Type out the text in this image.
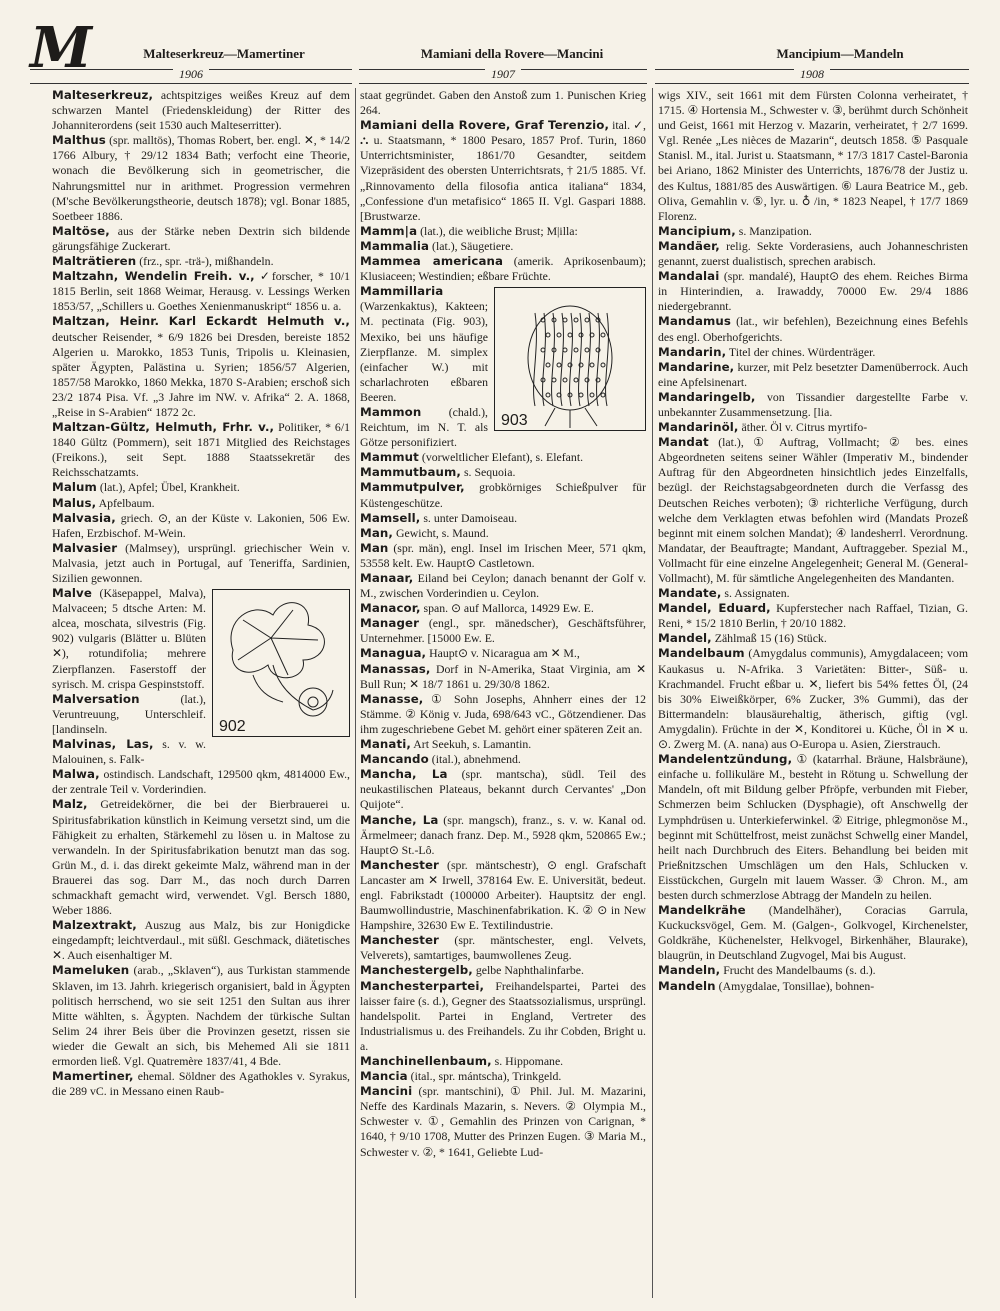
M	Malteserkreuz—Mamertiner	Mamiani della Rovere—Mancini	Mancipium—Mandeln
1906	1907	1908

Malteserkreuz, achtspitziges weißes Kreuz auf dem schwarzen Mantel (Friedenskleidung) der Ritter des Johanniterordens (seit 1530 auch Malteserritter).

Malthus (spr. malltös), Thomas Robert, ber. engl. ✕, * 14/2 1766 Albury, † 29/12 1834 Bath; verfocht eine Theorie, wonach die Bevölkerung sich in geometrischer, die Nahrungsmittel nur in arithmet. Progression vermehren (M'sche Bevölkerungstheorie, deutsch 1878); vgl. Bonar 1885, Soetbeer 1886.

Maltöse, aus der Stärke neben Dextrin sich bildende gärungsfähige Zuckerart.

Malträtieren (frz., spr. -trä-), mißhandeln.

Maltzahn, Wendelin Freih. v., ✓forscher, * 10/1 1815 Berlin, seit 1868 Weimar, Herausg. v. Lessings Werken 1853/57, „Schillers u. Goethes Xenienmanuskript“ 1856 u. a.

Maltzan, Heinr. Karl Eckardt Helmuth v., deutscher Reisender, * 6/9 1826 bei Dresden, bereiste 1852 Algerien u. Marokko, 1853 Tunis, Tripolis u. Kleinasien, später Ägypten, Palästina u. Syrien; 1856/57 Algerien, 1857/58 Marokko, 1860 Mekka, 1870 S-Arabien; erschoß sich 23/2 1874 Pisa. Vf. „3 Jahre im NW. v. Afrika“ 2. A. 1868, „Reise in S-Arabien“ 1872 2c.

Maltzan-Gültz, Helmuth, Frhr. v., Politiker, * 6/1 1840 Gültz (Pommern), seit 1871 Mitglied des Reichstages (Freikons.), seit Sept. 1888 Staatssekretär des Reichsschatzamts.

Malum (lat.), Apfel; Übel, Krankheit.

Malus, Apfelbaum.

Malvasia, griech. ⊙, an der Küste v. Lakonien, 506 Ew. Hafen, Erzbischof. M-Wein.

Malvasier (Malmsey), ursprüngl. griechischer Wein v. Malvasia, jetzt auch in Portugal, auf Teneriffa, Sardinien, Sizilien gewonnen.

902
Malve (Käsepappel, Malva), Malvaceen; 5 dtsche Arten: M. alcea, moschata, silvestris (Fig. 902) vulgaris (Blätter u. Blüten ✕), rotundifolia; mehrere Zierpflanzen. Faserstoff der syrisch. M. crispa Gespinststoff.

Malversation	(lat.), Veruntreuung, Unterschleif. [landinseln.

Malvinas, Las, s. v. w. Malouinen, s. Falk-

Malwa, ostindisch. Landschaft, 129500 qkm, 4814000 Ew., der zentrale Teil v. Vorderindien.

Malz, Getreidekörner, die bei der Bierbrauerei u. Spiritusfabrikation künstlich in Keimung versetzt sind, um die Fähigkeit zu erhalten, Stärkemehl zu lösen u. in Maltose zu verwandeln. In der Spiritusfabrikation benutzt man das sog. Grün M., d. i. das direkt gekeimte Malz, während man in der Brauerei das sog. Darr M., das noch durch Darren schmackhaft gemacht wird, verwendet. Vgl. Bersch 1880, Weber 1886.

Malzextrakt, Auszug aus Malz, bis zur Honigdicke eingedampft; leichtverdaul., mit süßl. Geschmack, diätetisches ✕. Auch eisenhaltiger M.

Mameluken (arab., „Sklaven“), aus Turkistan stammende Sklaven, im 13. Jahrh. kriegerisch organisiert, bald in Ägypten politisch herrschend, wo sie seit 1251 den Sultan aus ihrer Mitte wählten, s. Ägypten. Nachdem der türkische Sultan Selim 24 ihrer Beis über die Provinzen gesetzt, rissen sie wieder die Gewalt an sich, bis Mehemed Ali sie 1811 ermorden ließ. Vgl. Quatremère 1837/41, 4 Bde.

Mamertiner, ehemal. Söldner des Agathokles v. Syrakus, die 289 vC. in Messano einen Raub-

staat gegründet. Gaben den Anstoß zum 1. Punischen Krieg 264.

Mamiani della Rovere, Graf Terenzio, ital. ✓, ⛬ u. Staatsmann, * 1800 Pesaro, 1857 Prof. Turin, 1860 Unterrichtsminister, 1861/70 Gesandter, seitdem Vizepräsident des obersten Unterrichtsrats, † 21/5 1885. Vf. „Rinnovamento della filosofia antica italiana“ 1834, „Confessione d'un metafisico“ 1865 II. Vgl. Gaspari 1888. [Brustwarze.

Mamm|a (lat.), die weibliche Brust; M|illa:

Mammalia (lat.), Säugetiere.

Mammea americana (amerik. Aprikosenbaum); Klusiaceen; Westindien; eßbare Früchte.

903
Mammillaria (Warzenkaktus), Kakteen; M. pectinata (Fig. 903), Mexiko, bei uns häufige Zierpflanze. M. simplex (einfacher W.) mit scharlachroten eßbaren Beeren.

Mammon (chald.), Reichtum, im N. T. als Götze personifiziert.

Mammut (vorweltlicher Elefant), s. Elefant.

Mammutbaum, s. Sequoia.

Mammutpulver, grobkörniges Schießpulver für Küstengeschütze.

Mamsell, s. unter Damoiseau.

Man, Gewicht, s. Maund.

Man (spr. män), engl. Insel im Irischen Meer, 571 qkm, 53558 kelt. Ew. Haupt⊙ Castletown.

Manaar, Eiland bei Ceylon; danach benannt der Golf v. M., zwischen Vorderindien u. Ceylon.

Manacor, span. ⊙ auf Mallorca, 14929 Ew. E.

Manager (engl., spr. mänedscher), Geschäftsführer, Unternehmer. [15000 Ew. E.

Managua, Haupt⊙ v. Nicaragua am ✕ M.,

Manassas, Dorf in N-Amerika, Staat Virginia, am ✕ Bull Run; ✕ 18/7 1861 u. 29/30/8 1862.

Manasse, ① Sohn Josephs, Ahnherr eines der 12 Stämme. ② König v. Juda, 698/643 vC., Götzendiener. Das ihm zugeschriebene Gebet M. gehört einer späteren Zeit an.

Manati, Art Seekuh, s. Lamantin.

Mancando (ital.), abnehmend.

Mancha, La (spr. mantscha), südl. Teil des neukastilischen Plateaus, bekannt durch Cervantes' „Don Quijote“.

Manche, La (spr. mangsch), franz., s. v. w. Kanal od. Ärmelmeer; danach franz. Dep. M., 5928 qkm, 520865 Ew.; Haupt⊙ St.-Lô.

Manchester (spr. mäntschestr), ⊙ engl. Grafschaft Lancaster am ✕ Irwell, 378164 Ew. E. Universität, bedeut. engl. Fabrikstadt (100000 Arbeiter). Hauptsitz der engl. Baumwollindustrie, Maschinenfabrikation. K. ② ⊙ in New Hampshire, 32630 Ew E. Textilindustrie.

Manchester (spr. mäntschester, engl. Velvets, Velverets), samtartiges, baumwollenes Zeug.

Manchestergelb, gelbe Naphthalinfarbe.

Manchesterpartei, Freihandelspartei, Partei des laisser faire (s. d.), Gegner des Staatssozialismus, ursprüngl. handelspolit. Partei in England, Vertreter des Industrialismus u. des Freihandels. Zu ihr Cobden, Bright u. a.

Manchinellenbaum, s. Hippomane.

Mancia (ital., spr. mántscha), Trinkgeld.

Mancini (spr. mantschini), ① Phil. Jul. M. Mazarini, Neffe des Kardinals Mazarin, s. Nevers. ② Olympia M., Schwester v. ①, Gemahlin des Prinzen von Carignan, * 1640, † 9/10 1708, Mutter des Prinzen Eugen. ③ Maria M., Schwester v. ②, * 1641, Geliebte Lud-

wigs XIV., seit 1661 mit dem Fürsten Colonna verheiratet, † 1715. ④ Hortensia M., Schwester v. ③, berühmt durch Schönheit und Geist, 1661 mit Herzog v. Mazarin, verheiratet, † 2/7 1699. Vgl. Renée „Les nièces de Mazarin“, deutsch 1858. ⑤ Pasquale Stanisl. M., ital. Jurist u. Staatsmann, * 17/3 1817 Castel-Baronia bei Ariano, 1862 Minister des Unterrichts, 1876/78 der Justiz u. des Kultus, 1881/85 des Auswärtigen. ⑥ Laura Beatrice M., geb. Oliva, Gemahlin v. ⑤, lyr. u. ♁ /in, * 1823 Neapel, † 17/7 1869 Florenz.

Mancipium, s. Manzipation.

Mandäer, relig. Sekte Vorderasiens, auch Johanneschristen genannt, zuerst dualistisch, sprechen arabisch.

Mandalai (spr. mandalé), Haupt⊙ des ehem. Reiches Birma in Hinterindien, a. Irawaddy, 70000 Ew. 29/4 1886 niedergebrannt.

Mandamus (lat., wir befehlen), Bezeichnung eines Befehls des engl. Oberhofgerichts.

Mandarin, Titel der chines. Würdenträger.

Mandarine, kurzer, mit Pelz besetzter Damenüberrock. Auch eine Apfelsinenart.

Mandaringelb, von Tissandier dargestellte Farbe v. unbekannter Zusammensetzung. [lia.

Mandarinöl, äther. Öl v. Citrus myrtifo-

Mandat (lat.), ① Auftrag, Vollmacht; ② bes. eines Abgeordneten seitens seiner Wähler (Imperativ M., bindender Auftrag für den Abgeordneten hinsichtlich jedes Einzelfalls, bezügl. der Reichstagsabgeordneten durch die Verfassg des Deutschen Reiches verboten); ③ richterliche Verfügung, durch welche dem Verklagten etwas befohlen wird (Mandats Prozeß beginnt mit einem solchen Mandat); ④ landesherrl. Verordnung. Mandatar, der Beauftragte; Mandant, Auftraggeber. Spezial M., Vollmacht für eine einzelne Angelegenheit; General M. (General-Vollmacht), M. für sämtliche Angelegenheiten des Mandanten.

Mandate, s. Assignaten.

Mandel, Eduard, Kupferstecher nach Raffael, Tizian, G. Reni, * 15/2 1810 Berlin, † 20/10 1882.

Mandel, Zählmaß 15 (16) Stück.

Mandelbaum (Amygdalus communis), Amygdalaceen; vom Kaukasus u. N-Afrika. 3 Varietäten: Bitter-, Süß- u. Krachmandel. Frucht eßbar u. ✕, liefert bis 54% fettes Öl, (24 bis 30% Eiweißkörper, 6% Zucker, 3% Gummi), das der Bittermandeln: blausäurehaltig, ätherisch, giftig (vgl. Amygdalin). Früchte in der ✕, Konditorei u. Küche, Öl in ✕ u. ⊙. Zwerg M. (A. nana) aus O-Europa u. Asien, Zierstrauch.

Mandelentzündung, ① (katarrhal. Bräune, Halsbräune), einfache u. follikuläre M., besteht in Rötung u. Schwellung der Mandeln, oft mit Bildung gelber Pfröpfe, verbunden mit Fieber, Schmerzen beim Schlucken (Dysphagie), oft Anschwellg der Lymphdrüsen u. Unterkieferwinkel. ② Eitrige, phlegmonöse M., beginnt mit Schüttelfrost, meist zunächst Schwellg einer Mandel, heilt nach Durchbruch des Eiters. Behandlung bei beiden mit Prießnitzschen Umschlägen um den Hals, Schlucken v. Eisstückchen, Gurgeln mit lauem Wasser. ③ Chron. M., am besten durch schmerzlose Abtragg der Mandeln zu heilen.

Mandelkrähe (Mandelhäher), Coracias Garrula, Kuckucksvögel, Gem. M. (Galgen-, Golkvogel, Kirchenelster, Goldkrähe, Küchenelster, Helkvogel, Birkenhäher, Blaurake), blaugrün, in Deutschland Zugvogel, Mai bis August.

Mandeln, Frucht des Mandelbaums (s. d.).

Mandeln (Amygdalae, Tonsillae), bohnen-
